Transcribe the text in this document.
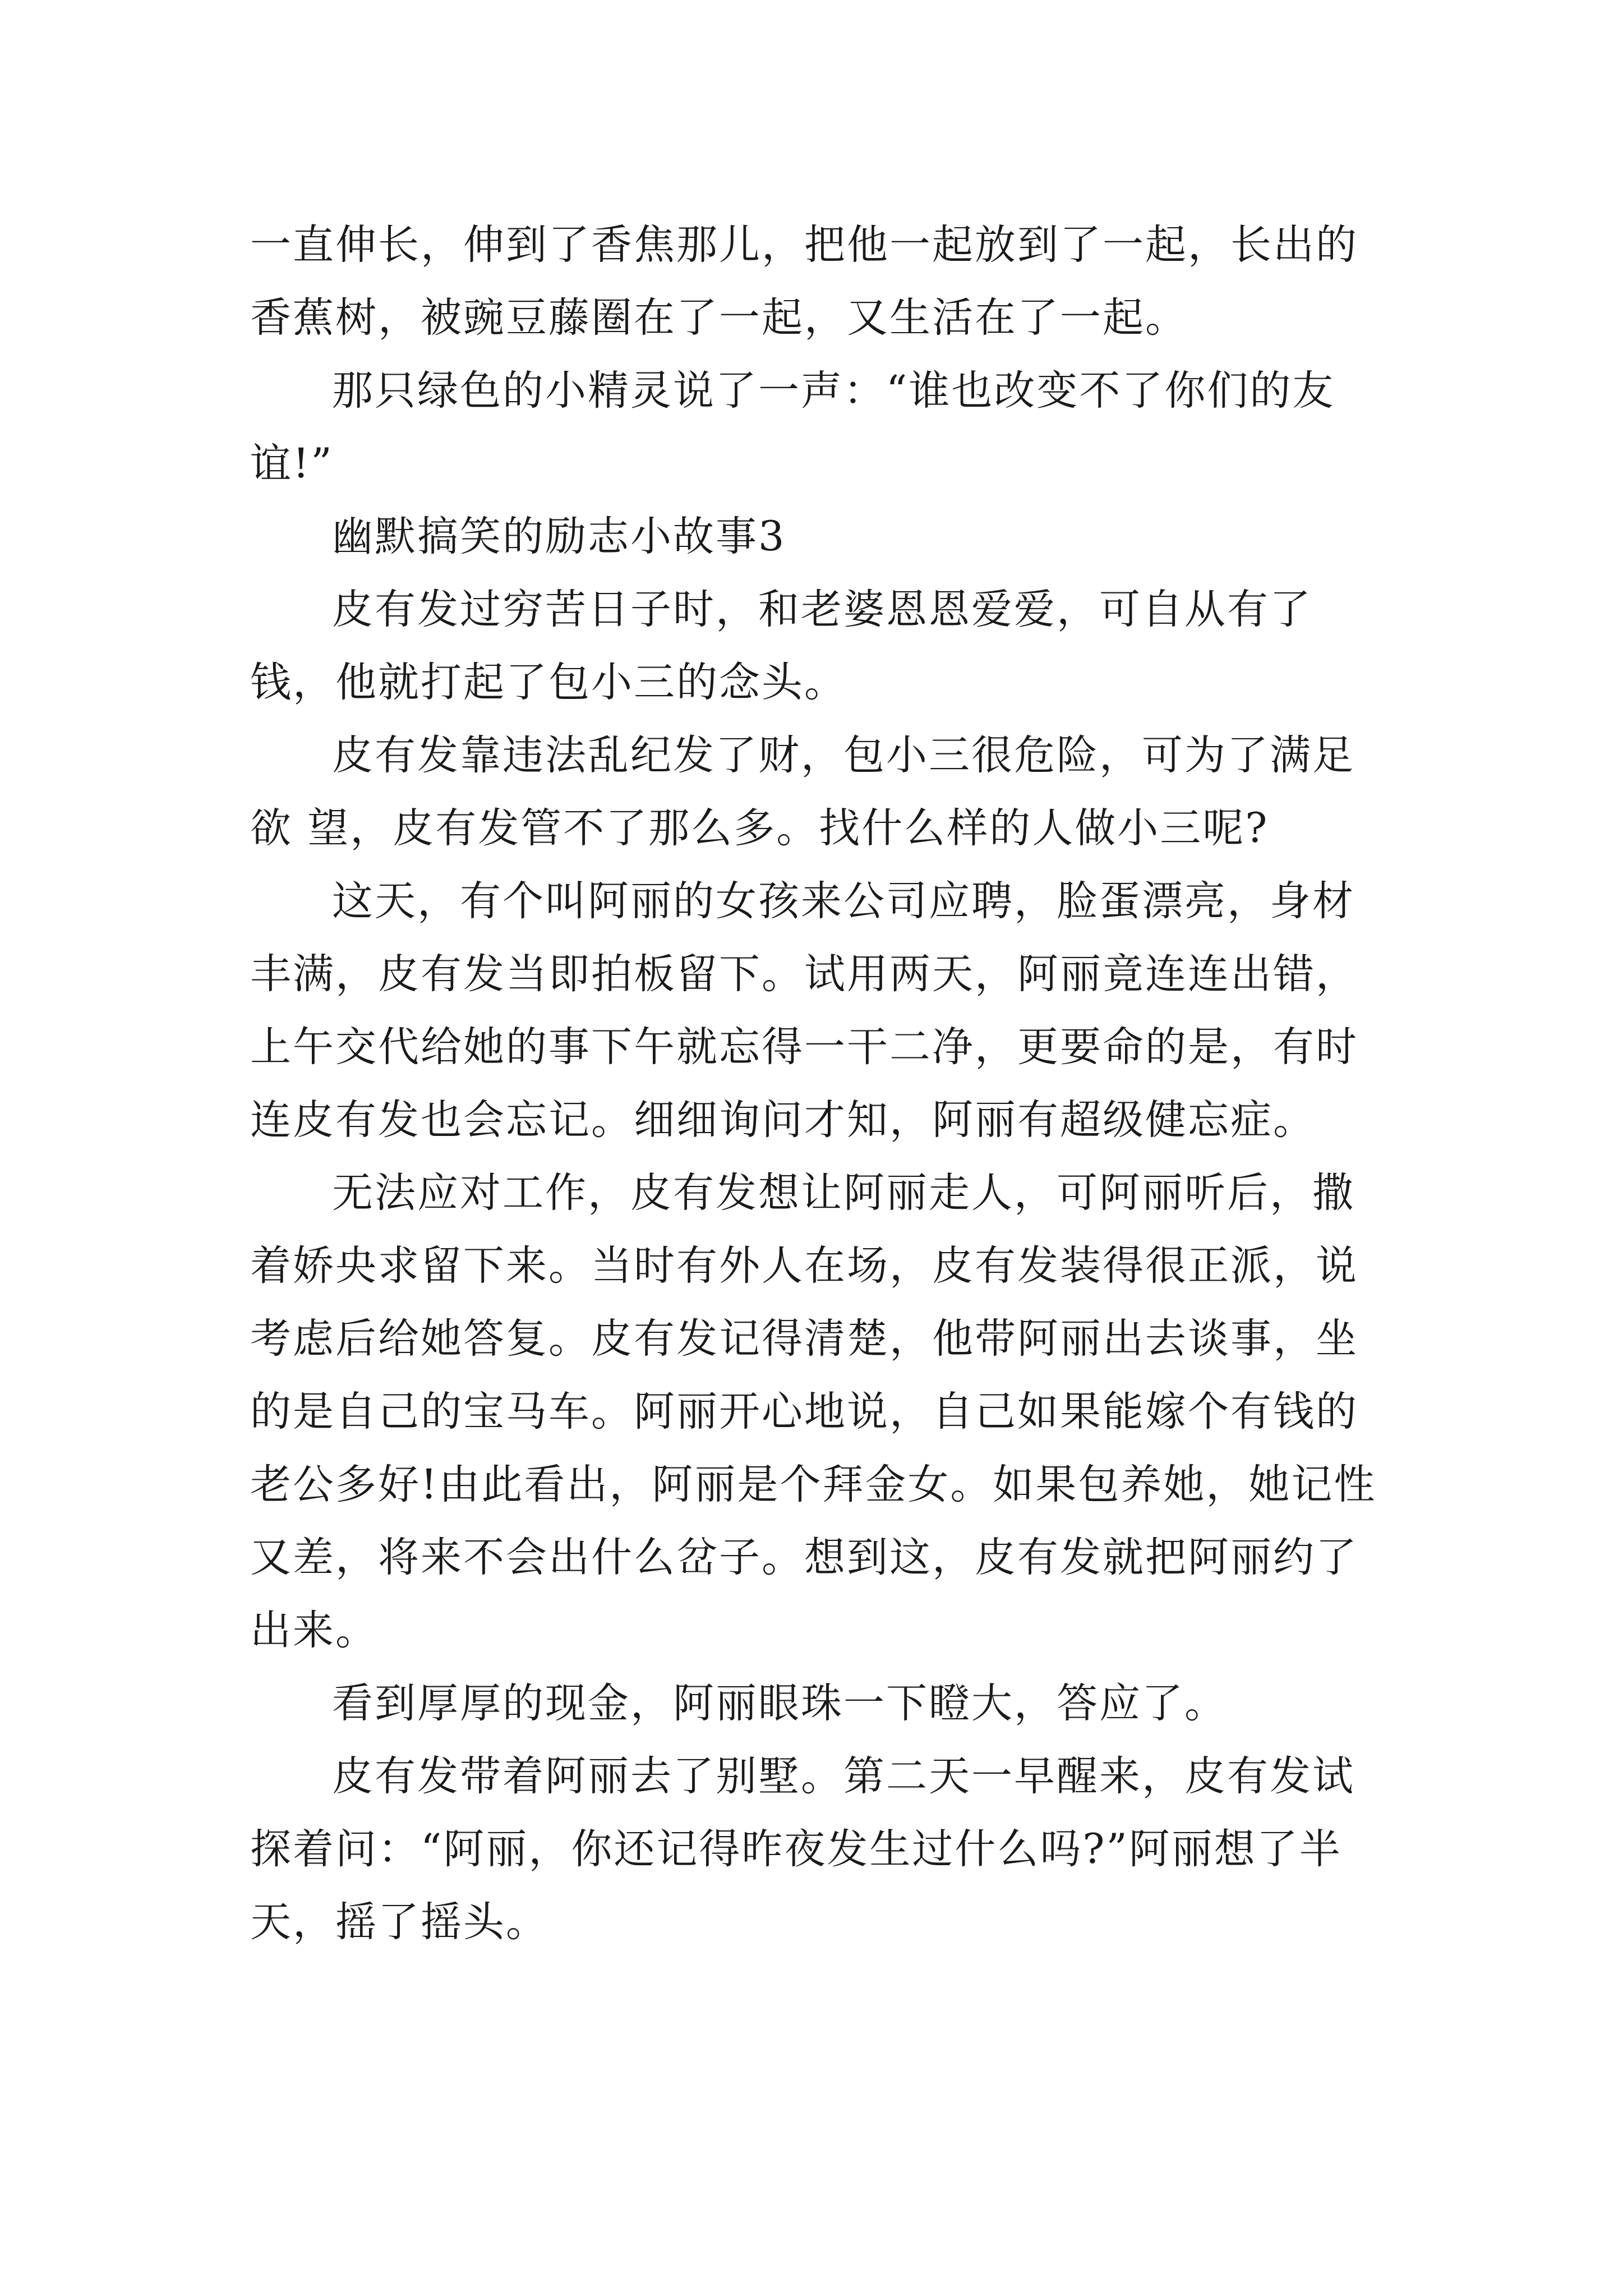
一直伸长，伸到了香焦那儿，把他一起放到了一起，长出的香蕉树，被豌豆藤圈在了一起，又生活在了一起。

那只绿色的小精灵说了一声：“谁也改变不了你们的友谊!”

幽默搞笑的励志小故事3

皮有发过穷苦日子时，和老婆恩恩爱爱，可自从有了钱，他就打起了包小三的念头。

皮有发靠违法乱纪发了财，包小三很危险，可为了满足欲 望，皮有发管不了那么多。找什么样的人做小三呢?

这天，有个叫阿丽的女孩来公司应聘，脸蛋漂亮，身材丰满，皮有发当即拍板留下。试用两天，阿丽竟连连出错，上午交代给她的事下午就忘得一干二净，更要命的是，有时连皮有发也会忘记。细细询问才知，阿丽有超级健忘症。

无法应对工作，皮有发想让阿丽走人，可阿丽听后，撒着娇央求留下来。当时有外人在场，皮有发装得很正派，说考虑后给她答复。皮有发记得清楚，他带阿丽出去谈事，坐的是自己的宝马车。阿丽开心地说，自己如果能嫁个有钱的老公多好!由此看出，阿丽是个拜金女。如果包养她，她记性又差，将来不会出什么岔子。想到这，皮有发就把阿丽约了出来。

看到厚厚的现金，阿丽眼珠一下瞪大，答应了。

皮有发带着阿丽去了别墅。第二天一早醒来，皮有发试探着问：“阿丽，你还记得昨夜发生过什么吗?”阿丽想了半天，摇了摇头。
